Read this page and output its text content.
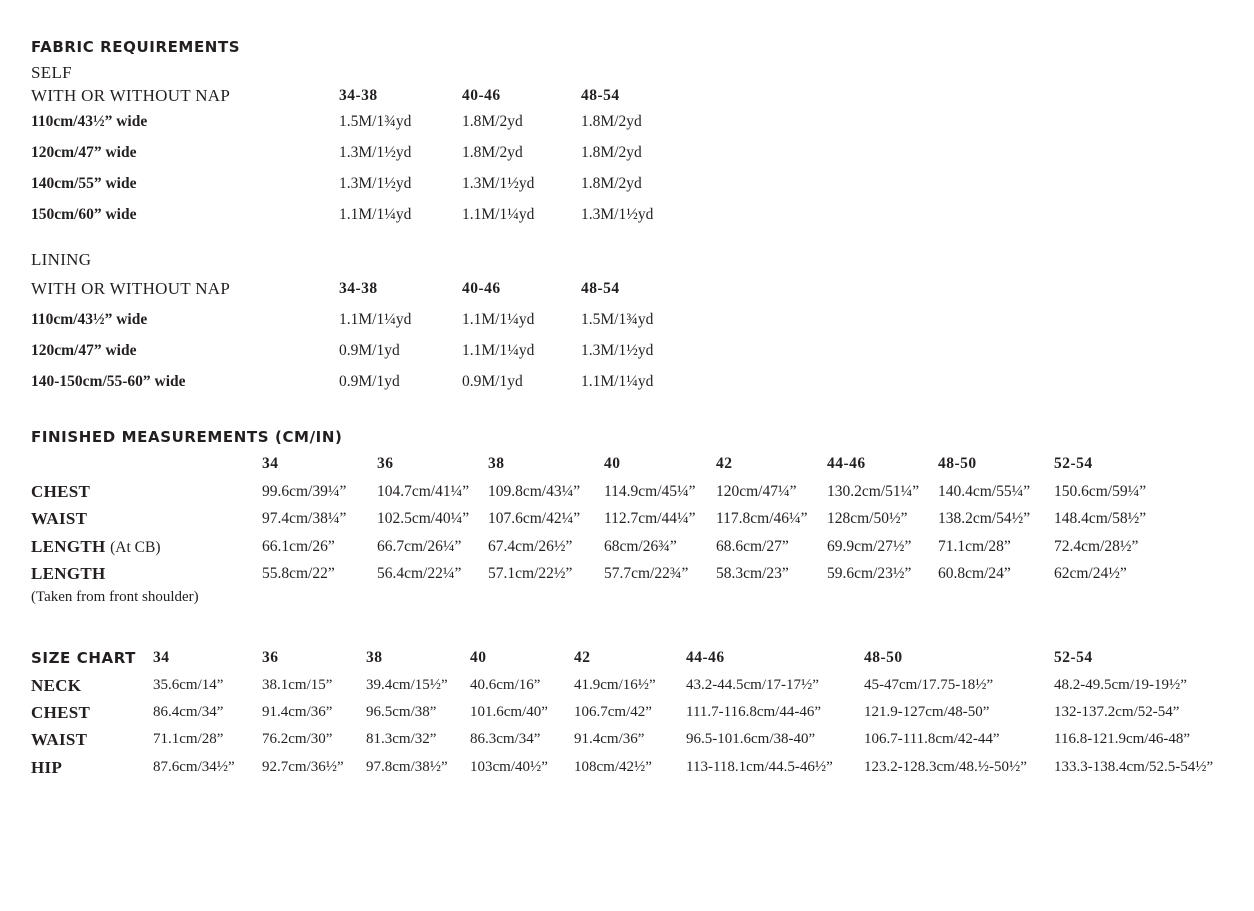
FABRIC REQUIREMENTS
SELF
WITH OR WITHOUT NAP	34-38	40-46	48-54
110cm/43½” wide	1.5M/1¾yd	1.8M/2yd	1.8M/2yd
120cm/47” wide	1.3M/1½yd	1.8M/2yd	1.8M/2yd
140cm/55” wide	1.3M/1½yd	1.3M/1½yd	1.8M/2yd
150cm/60” wide	1.1M/1¼yd	1.1M/1¼yd	1.3M/1½yd
LINING
WITH OR WITHOUT NAP	34-38	40-46	48-54
110cm/43½” wide	1.1M/1¼yd	1.1M/1¼yd	1.5M/1¾yd
120cm/47” wide	0.9M/1yd	1.1M/1¼yd	1.3M/1½yd
140-150cm/55-60” wide	0.9M/1yd	0.9M/1yd	1.1M/1¼yd
FINISHED MEASUREMENTS (CM/IN)
34	36	38	40	42	44-46	48-50	52-54
CHEST	99.6cm/39¼” 104.7cm/41¼” 109.8cm/43¼” 114.9cm/45¼” 120cm/47¼” 130.2cm/51¼” 140.4cm/55¼” 150.6cm/59¼”
WAIST	97.4cm/38¼” 102.5cm/40¼” 107.6cm/42¼” 112.7cm/44¼” 117.8cm/46¼” 128cm/50½” 138.2cm/54½” 148.4cm/58½”
LENGTH (At CB)	66.1cm/26”	66.7cm/26¼” 67.4cm/26½” 68cm/26¾”	68.6cm/27” 69.9cm/27½” 71.1cm/28”	72.4cm/28½”
LENGTH	55.8cm/22”	56.4cm/22¼” 57.1cm/22½” 57.7cm/22¾” 58.3cm/23” 59.6cm/23½” 60.8cm/24”	62cm/24½”
(Taken from front shoulder)
SIZE CHART 34	36	38	40	42	44-46	48-50	52-54
NECK	35.6cm/14”	38.1cm/15” 39.4cm/15½” 40.6cm/16” 41.9cm/16½” 43.2-44.5cm/17-17½”	45-47cm/17.75-18½”	48.2-49.5cm/19-19½”
CHEST	86.4cm/34”	91.4cm/36” 96.5cm/38” 101.6cm/40” 106.7cm/42” 111.7-116.8cm/44-46”	121.9-127cm/48-50”	132-137.2cm/52-54”
WAIST	71.1cm/28”	76.2cm/30” 81.3cm/32” 86.3cm/34” 91.4cm/36”	96.5-101.6cm/38-40”	106.7-111.8cm/42-44”	116.8-121.9cm/46-48”
HIP	87.6cm/34½” 92.7cm/36½” 97.8cm/38½” 103cm/40½” 108cm/42½” 113-118.1cm/44.5-46½” 123.2-128.3cm/48.½-50½” 133.3-138.4cm/52.5-54½”
